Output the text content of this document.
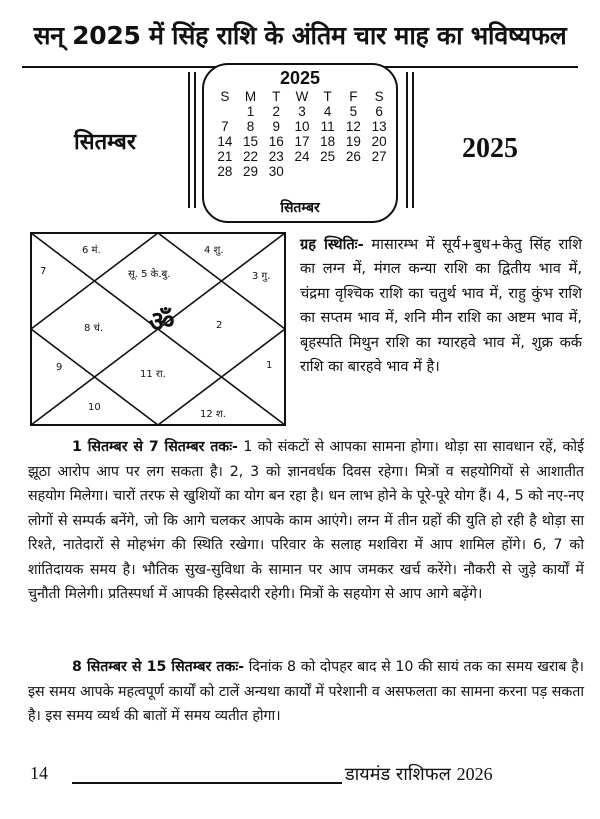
सन् 2025 में सिंह राशि के अंतिम चार माह का भविष्यफल
सितम्बर	2025
2025
S	M	T	W	T	F	S
	1	2	3	4	5	6
7	8	9	10	11	12	13
14	15	16	17	18	19	20
21	22	23	24	25	26	27
28	29	30				
सितम्बर
6 मं.	4 शु.
सू. 5 के.बु.	3 गु.
7
8 चं. ॐ	2
9
11 रा.
1
10
12 श.
ग्रह स्थितिः- मासारम्भ में सूर्य+बुध+केतु सिंह राशि का लग्न में, मंगल कन्या राशि का द्वितीय भाव में, चंद्रमा वृश्चिक राशि का चतुर्थ भाव में, राहु कुंभ राशि का सप्तम भाव में, शनि मीन राशि का अष्टम भाव में, बृहस्पति मिथुन राशि का ग्यारहवे भाव में, शुक्र कर्क राशि का बारहवे भाव में है।
1 सितम्बर से 7 सितम्बर तकः- 1 को संकटों से आपका सामना होगा। थोड़ा सा सावधान रहें, कोई झूठा आरोप आप पर लग सकता है। 2, 3 को ज्ञानवर्धक दिवस रहेगा। मित्रों व सहयोगियों से आशातीत सहयोग मिलेगा। चारों तरफ से खुशियों का योग बन रहा है। धन लाभ होने के पूरे-पूरे योग हैं। 4, 5 को नए-नए लोगों से सम्पर्क बनेंगे, जो कि आगे चलकर आपके काम आएंगे। लग्न में तीन ग्रहों की युति हो रही है थोड़ा सा रिश्ते, नातेदारों से मोहभंग की स्थिति रखेगा। परिवार के सलाह मशविरा में आप शामिल होंगे। 6, 7 को शांतिदायक समय है। भौतिक सुख-सुविधा के सामान पर आप जमकर खर्च करेंगे। नौकरी से जुड़े कार्यों में चुनौती मिलेगी। प्रतिस्पर्धा में आपकी हिस्सेदारी रहेगी। मित्रों के सहयोग से आप आगे बढ़ेंगे।
8 सितम्बर से 15 सितम्बर तकः- दिनांक 8 को दोपहर बाद से 10 की सायं तक का समय खराब है। इस समय आपके महत्वपूर्ण कार्यों को टालें अन्यथा कार्यों में परेशानी व असफलता का सामना करना पड़ सकता है। इस समय व्यर्थ की बातों में समय व्यतीत होगा।
14	डायमंड राशिफल 2026
